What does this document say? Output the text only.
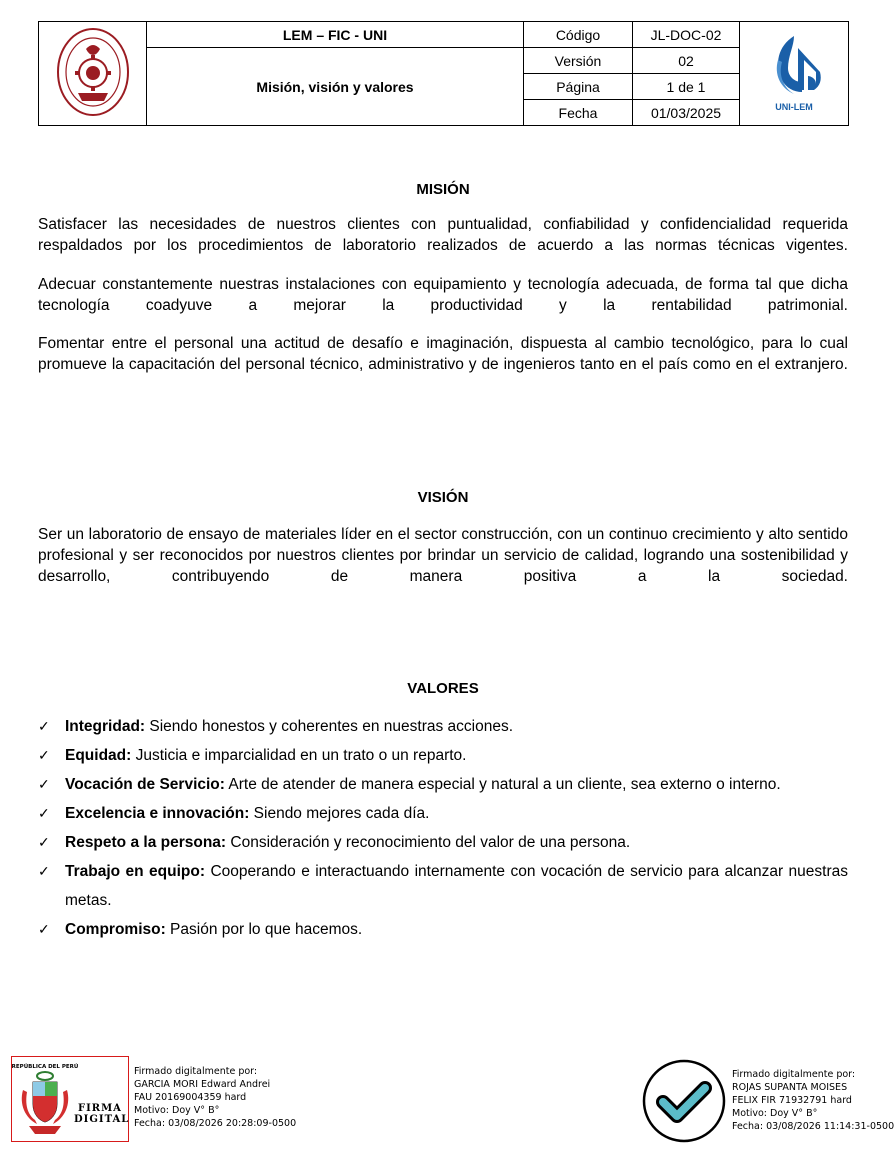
	LEM – FIC - UNI	Código	JL-DOC-02	UNI-LEM

	Misión, visión y valores	Versión	02	
		Página	1 de 1	
		Fecha	01/03/2025	
MISIÓN
Satisfacer las necesidades de nuestros clientes con puntualidad, confiabilidad y confidencialidad requerida respaldados por los procedimientos de laboratorio realizados de acuerdo a las normas técnicas vigentes.
Adecuar constantemente nuestras instalaciones con equipamiento y tecnología adecuada, de forma tal que dicha tecnología coadyuve a mejorar la productividad y la rentabilidad patrimonial.
Fomentar entre el personal una actitud de desafío e imaginación, dispuesta al cambio tecnológico, para lo cual promueve la capacitación del personal técnico, administrativo y de ingenieros tanto en el país como en el extranjero.
VISIÓN
Ser un laboratorio de ensayo de materiales líder en el sector construcción, con un continuo crecimiento y alto sentido profesional y ser reconocidos por nuestros clientes por brindar un servicio de calidad, logrando una sostenibilidad y desarrollo, contribuyendo de manera positiva a la sociedad.
VALORES
✓ Integridad: Siendo honestos y coherentes en nuestras acciones.
✓ Equidad: Justicia e imparcialidad en un trato o un reparto.
✓ Vocación de Servicio: Arte de atender de manera especial y natural a un cliente, sea externo o interno.
✓ Excelencia e innovación: Siendo mejores cada día.
✓ Respeto a la persona: Consideración y reconocimiento del valor de una persona.
✓ Trabajo en equipo: Cooperando e interactuando internamente con vocación de servicio para alcanzar nuestras metas.
✓ Compromiso: Pasión por lo que hacemos.
REPÚBLICA DEL PERÚ
FIRMA
DIGITAL
Firmado digitalmente por:
GARCIA MORI Edward Andrei
FAU 20169004359 hard
Motivo: Doy V° B°
Fecha: 03/08/2026 20:28:09-0500
Firmado digitalmente por:
ROJAS SUPANTA MOISES
FELIX FIR 71932791 hard
Motivo: Doy V° B°
Fecha: 03/08/2026 11:14:31-0500
